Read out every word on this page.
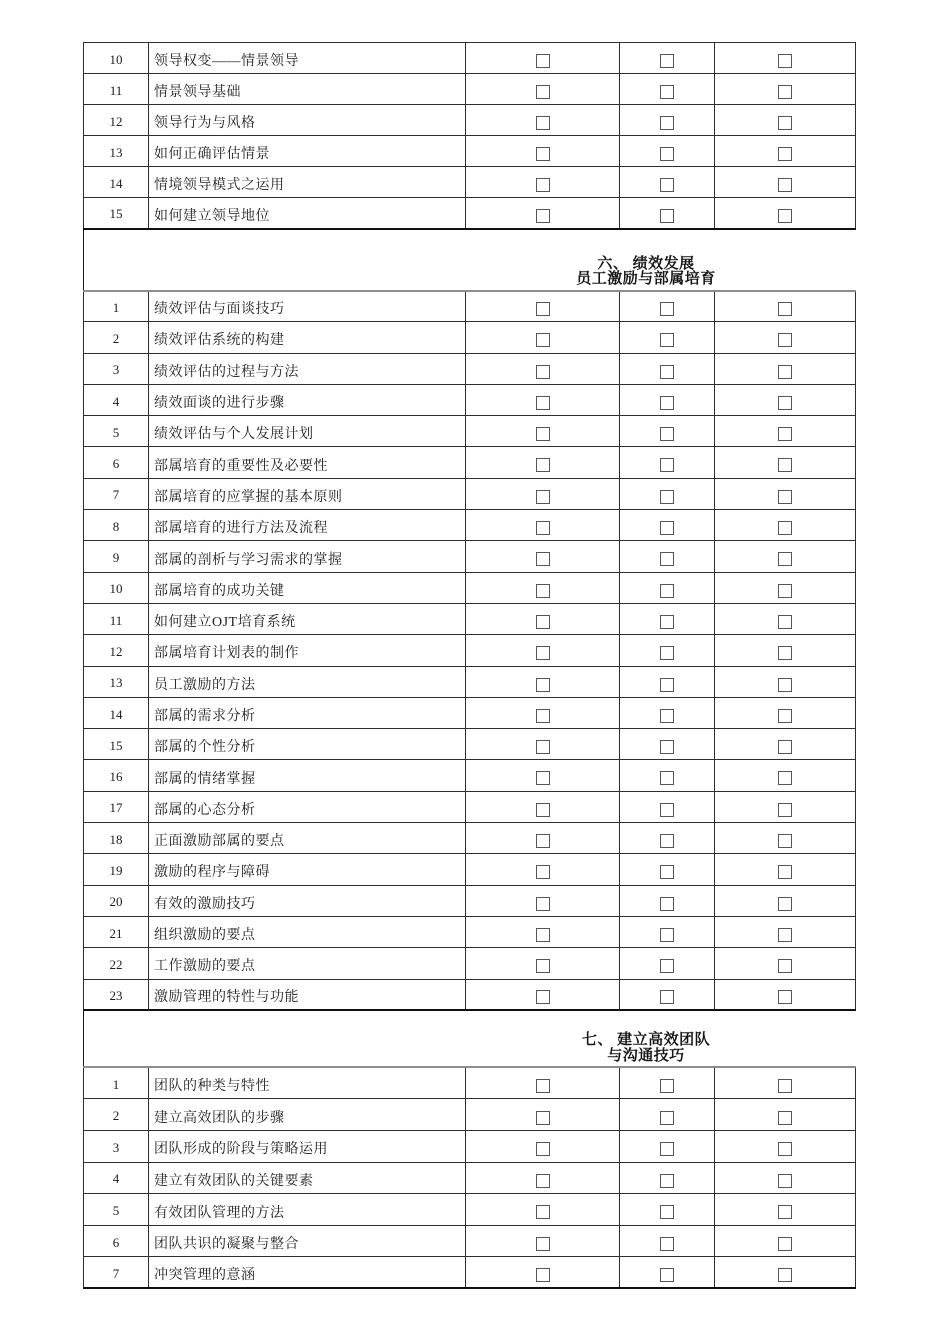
10	领导权变——情景领导			
11	情景领导基础			
12	领导行为与风格			
13	如何正确评估情景			
14	情境领导模式之运用			
15	如何建立领导地位			
六、 绩效发展
员工激励与部属培育
1	绩效评估与面谈技巧			
2	绩效评估系统的构建			
3	绩效评估的过程与方法			
4	绩效面谈的进行步骤			
5	绩效评估与个人发展计划			
6	部属培育的重要性及必要性			
7	部属培育的应掌握的基本原则			
8	部属培育的进行方法及流程			
9	部属的剖析与学习需求的掌握			
10	部属培育的成功关键			
11	如何建立OJT培育系统			
12	部属培育计划表的制作			
13	员工激励的方法			
14	部属的需求分析			
15	部属的个性分析			
16	部属的情绪掌握			
17	部属的心态分析			
18	正面激励部属的要点			
19	激励的程序与障碍			
20	有效的激励技巧			
21	组织激励的要点			
22	工作激励的要点			
23	激励管理的特性与功能			
七、 建立高效团队
与沟通技巧
1	团队的种类与特性			
2	建立高效团队的步骤			
3	团队形成的阶段与策略运用			
4	建立有效团队的关键要素			
5	有效团队管理的方法			
6	团队共识的凝聚与整合			
7	冲突管理的意涵			
